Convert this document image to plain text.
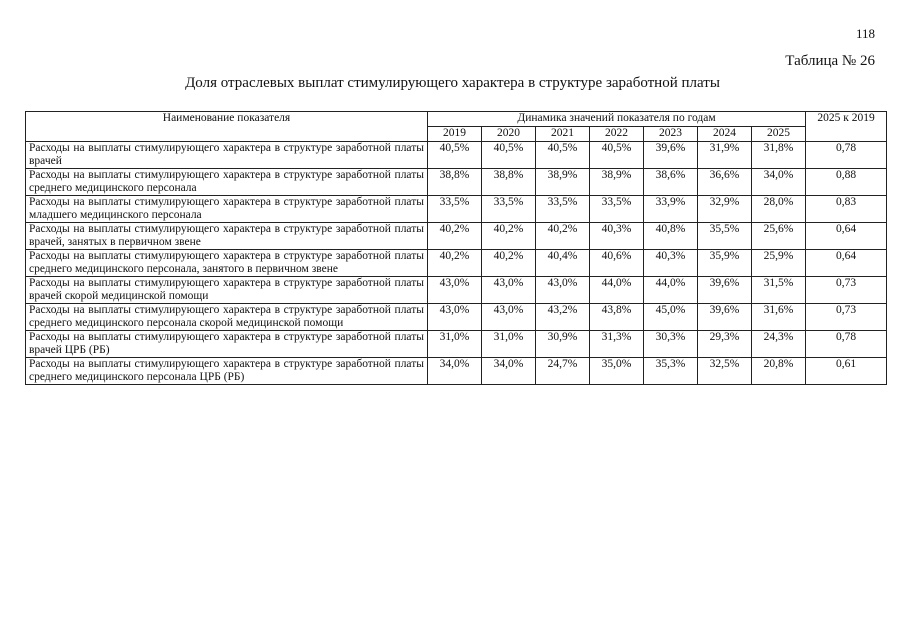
118
Таблица № 26
Доля отраслевых выплат стимулирующего характера в структуре заработной платы
Наименование показателя	Динамика значений показателя по годам							2025 к 2019
	2019	2020	2021	2022	2023	2024	2025	
Расходы на выплаты стимулирующего характера в структуре заработной платы врачей	40,5%	40,5%	40,5%	40,5%	39,6%	31,9%	31,8%	0,78
Расходы на выплаты стимулирующего характера в структуре заработной платы среднего медицинского персонала	38,8%	38,8%	38,9%	38,9%	38,6%	36,6%	34,0%	0,88
Расходы на выплаты стимулирующего характера в структуре заработной платы младшего медицинского персонала	33,5%	33,5%	33,5%	33,5%	33,9%	32,9%	28,0%	0,83
Расходы на выплаты стимулирующего характера в структуре заработной платы врачей, занятых в первичном звене	40,2%	40,2%	40,2%	40,3%	40,8%	35,5%	25,6%	0,64
Расходы на выплаты стимулирующего характера в структуре заработной платы среднего медицинского персонала, занятого в первичном звене	40,2%	40,2%	40,4%	40,6%	40,3%	35,9%	25,9%	0,64
Расходы на выплаты стимулирующего характера в структуре заработной платы врачей скорой медицинской помощи	43,0%	43,0%	43,0%	44,0%	44,0%	39,6%	31,5%	0,73
Расходы на выплаты стимулирующего характера в структуре заработной платы среднего медицинского персонала скорой медицинской помощи	43,0%	43,0%	43,2%	43,8%	45,0%	39,6%	31,6%	0,73
Расходы на выплаты стимулирующего характера в структуре заработной платы врачей ЦРБ (РБ)	31,0%	31,0%	30,9%	31,3%	30,3%	29,3%	24,3%	0,78
Расходы на выплаты стимулирующего характера в структуре заработной платы среднего медицинского персонала ЦРБ (РБ)	34,0%	34,0%	24,7%	35,0%	35,3%	32,5%	20,8%	0,61
